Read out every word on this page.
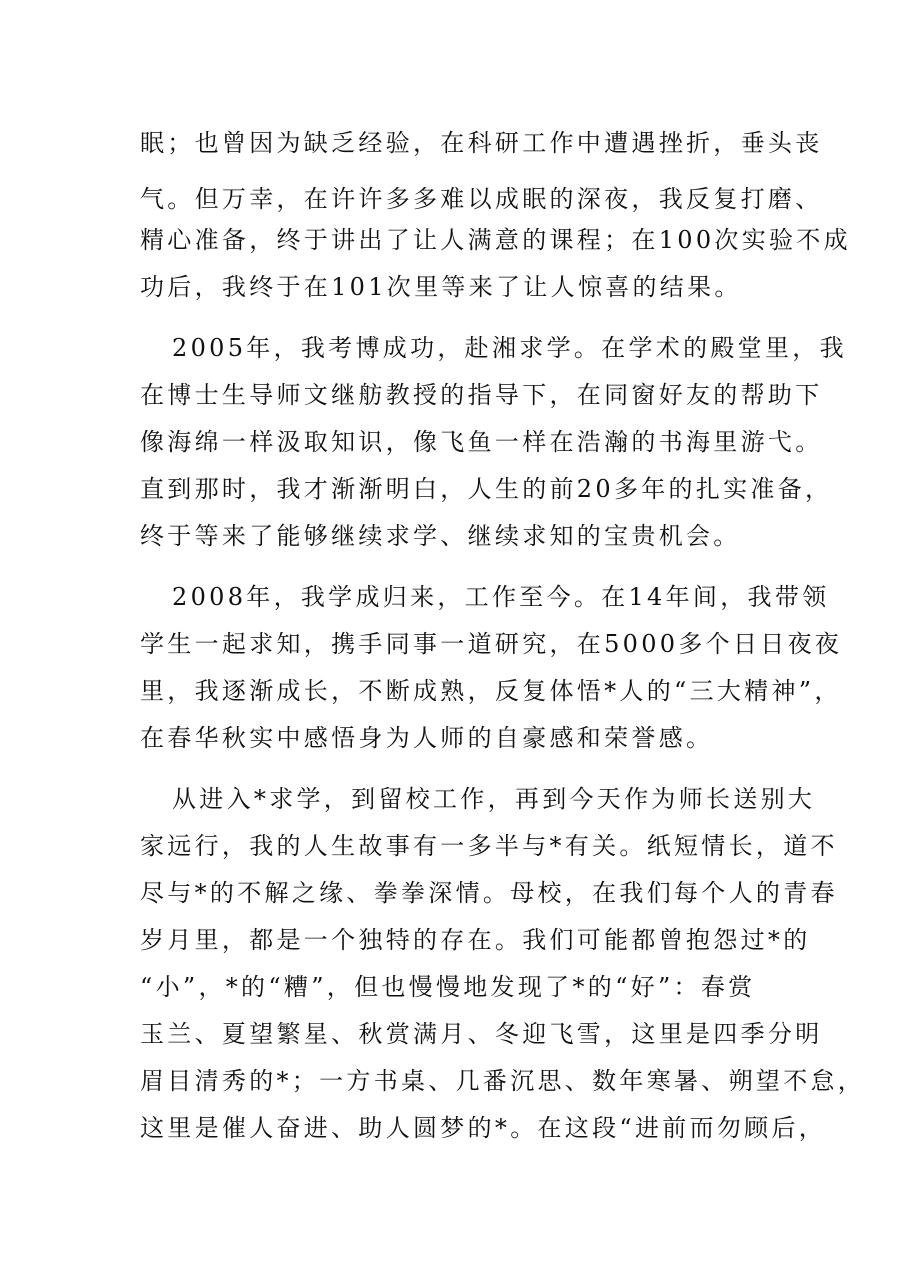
眠；也曾因为缺乏经验，在科研工作中遭遇挫折，垂头丧
气。但万幸，在许许多多难以成眠的深夜，我反复打磨、
精心准备，终于讲出了让人满意的课程；在100次实验不成
功后，我终于在101次里等来了让人惊喜的结果。
2005年，我考博成功，赴湘求学。在学术的殿堂里，我
在博士生导师文继舫教授的指导下，在同窗好友的帮助下
像海绵一样汲取知识，像飞鱼一样在浩瀚的书海里游弋。
直到那时，我才渐渐明白，人生的前20多年的扎实准备，
终于等来了能够继续求学、继续求知的宝贵机会。
2008年，我学成归来，工作至今。在14年间，我带领
学生一起求知，携手同事一道研究，在5000多个日日夜夜
里，我逐渐成长，不断成熟，反复体悟*人的“三大精神”，
在春华秋实中感悟身为人师的自豪感和荣誉感。
从进入*求学，到留校工作，再到今天作为师长送别大
家远行，我的人生故事有一多半与*有关。纸短情长，道不
尽与*的不解之缘、拳拳深情。母校，在我们每个人的青春
岁月里，都是一个独特的存在。我们可能都曾抱怨过*的
“小”，*的“糟”，但也慢慢地发现了*的“好”：春赏
玉兰、夏望繁星、秋赏满月、冬迎飞雪，这里是四季分明
眉目清秀的*；一方书桌、几番沉思、数年寒暑、朔望不怠，
这里是催人奋进、助人圆梦的*。在这段“进前而勿顾后，
